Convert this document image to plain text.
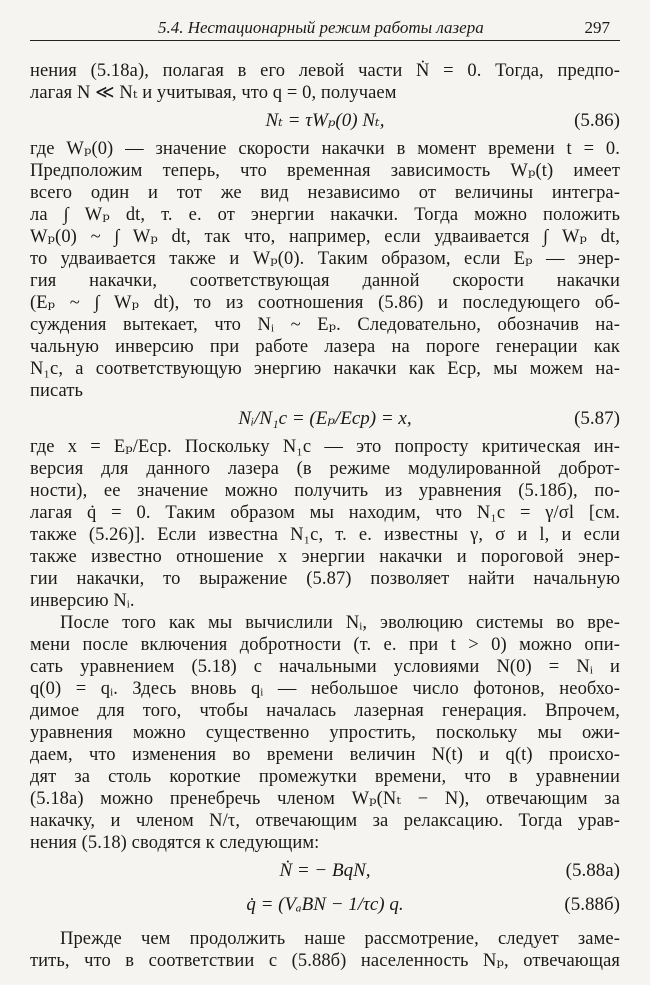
5.4. Нестационарный режим работы лазера	297
нения (5.18а), полагая в его левой части Ṅ = 0. Тогда, предпо-
лагая N ≪ Nₜ и учитывая, что q = 0, получаем
Nₜ = τWₚ(0) Nₜ,	(5.86)
где Wₚ(0) — значение скорости накачки в момент времени t = 0.
Предположим теперь, что временная зависимость Wₚ(t) имеет
всего один и тот же вид независимо от величины интегра-
ла ∫ Wₚ dt, т. е. от энергии накачки. Тогда можно положить
Wₚ(0) ~ ∫ Wₚ dt, так что, например, если удваивается ∫ Wₚ dt,
то удваивается также и Wₚ(0). Таким образом, если Eₚ — энер-
гия накачки, соответствующая данной скорости накачки
(Eₚ ~ ∫ Wₚ dt), то из соотношения (5.86) и последующего об-
суждения вытекает, что Nᵢ ~ Eₚ. Следовательно, обозначив на-
чальную инверсию при работе лазера на пороге генерации как
N₁c, а соответствующую энергию накачки как Ecp, мы можем на-
писать
Nᵢ/N₁c = (Eₚ/Ecp) = x,	(5.87)
где x = Eₚ/Ecp. Поскольку N₁c — это попросту критическая ин-
версия для данного лазера (в режиме модулированной доброт-
ности), ее значение можно получить из уравнения (5.18б), по-
лагая q̇ = 0. Таким образом мы находим, что N₁c = γ/σl [см.
также (5.26)]. Если известна N₁c, т. е. известны γ, σ и l, и если
также известно отношение x энергии накачки и пороговой энер-
гии накачки, то выражение (5.87) позволяет найти начальную
инверсию Nᵢ.
После того как мы вычислили Nᵢ, эволюцию системы во вре-
мени после включения добротности (т. е. при t > 0) можно опи-
сать уравнением (5.18) с начальными условиями N(0) = Nᵢ и
q(0) = qᵢ. Здесь вновь qᵢ — небольшое число фотонов, необхо-
димое для того, чтобы началась лазерная генерация. Впрочем,
уравнения можно существенно упростить, поскольку мы ожи-
даем, что изменения во времени величин N(t) и q(t) происхо-
дят за столь короткие промежутки времени, что в уравнении
(5.18а) можно пренебречь членом Wₚ(Nₜ − N), отвечающим за
накачку, и членом N/τ, отвечающим за релаксацию. Тогда урав-
нения (5.18) сводятся к следующим:
Ṅ = − BqN,	(5.88а)
q̇ = (VₐBN − 1/τc) q.	(5.88б)
Прежде чем продолжить наше рассмотрение, следует заме-
тить, что в соответствии с (5.88б) населенность Nₚ, отвечающая
